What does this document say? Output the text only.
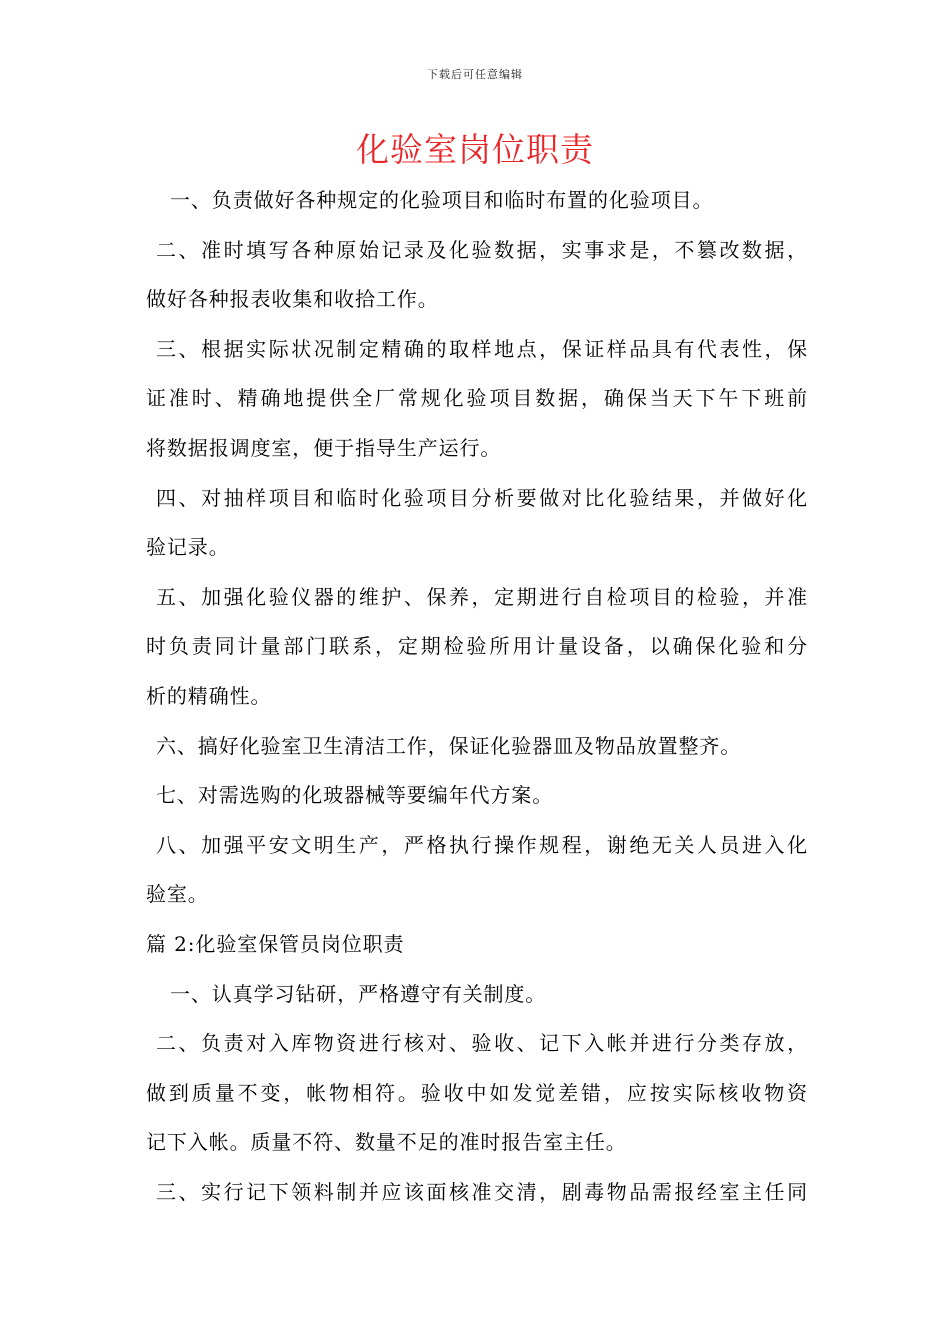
下载后可任意编辑
化验室岗位职责
一、负责做好各种规定的化验项目和临时布置的化验项目。
二、准时填写各种原始记录及化验数据，实事求是，不篡改数据，
做好各种报表收集和收拾工作。
三、根据实际状况制定精确的取样地点，保证样品具有代表性，保
证准时、精确地提供全厂常规化验项目数据，确保当天下午下班前
将数据报调度室，便于指导生产运行。
四、对抽样项目和临时化验项目分析要做对比化验结果，并做好化
验记录。
五、加强化验仪器的维护、保养，定期进行自检项目的检验，并准
时负责同计量部门联系，定期检验所用计量设备，以确保化验和分
析的精确性。
六、搞好化验室卫生清洁工作，保证化验器皿及物品放置整齐。
七、对需选购的化玻器械等要编年代方案。
八、加强平安文明生产，严格执行操作规程，谢绝无关人员进入化
验室。
篇 2:化验室保管员岗位职责
一、认真学习钻研，严格遵守有关制度。
二、负责对入库物资进行核对、验收、记下入帐并进行分类存放，
做到质量不变，帐物相符。验收中如发觉差错，应按实际核收物资
记下入帐。质量不符、数量不足的准时报告室主任。
三、实行记下领料制并应该面核准交清，剧毒物品需报经室主任同
